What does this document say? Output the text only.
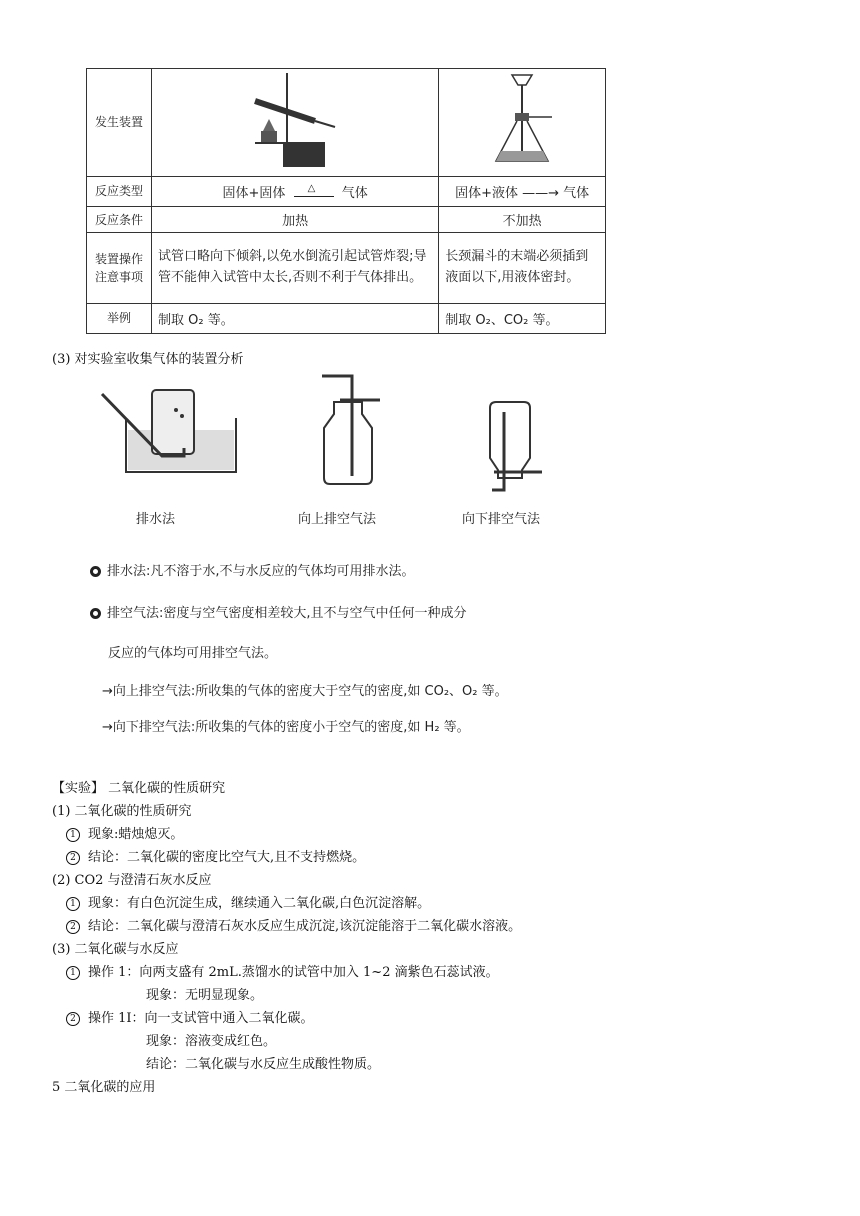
发生装置		
反应类型	固体+固体 △ 气体	固体+液体 ——→ 气体
反应条件	加热	不加热
装置操作注意事项	试管口略向下倾斜,以免水倒流引起试管炸裂;导管不能伸入试管中太长,否则不利于气体排出。	长颈漏斗的末端必须插到液面以下,用液体密封。
举例	制取 O₂ 等。	制取 O₂、CO₂ 等。
(3) 对实验室收集气体的装置分析
排水法	向上排空气法	向下排空气法
排水法:凡不溶于水,不与水反应的气体均可用排水法。
排空气法:密度与空气密度相差较大,且不与空气中任何一种成分
反应的气体均可用排空气法。
→向上排空气法:所收集的气体的密度大于空气的密度,如 CO₂、O₂ 等。
→向下排空气法:所收集的气体的密度小于空气的密度,如 H₂ 等。
【实验】 二氧化碳的性质研究
(1) 二氧化碳的性质研究
1 现象:蜡烛熄灭。
2 结论：二氧化碳的密度比空气大,且不支持燃烧。
(2) CO2 与澄清石灰水反应
1 现象：有白色沉淀生成，继续通入二氧化碳,白色沉淀溶解。
2 结论：二氧化碳与澄清石灰水反应生成沉淀,该沉淀能溶于二氧化碳水溶液。
(3) 二氧化碳与水反应
1 操作 1：向两支盛有 2mL.蒸馏水的试管中加入 1~2 滴紫色石蕊试液。
现象：无明显现象。
2 操作 1I：向一支试管中通入二氧化碳。
现象：溶液变成红色。
结论：二氧化碳与水反应生成酸性物质。
5 二氧化碳的应用
